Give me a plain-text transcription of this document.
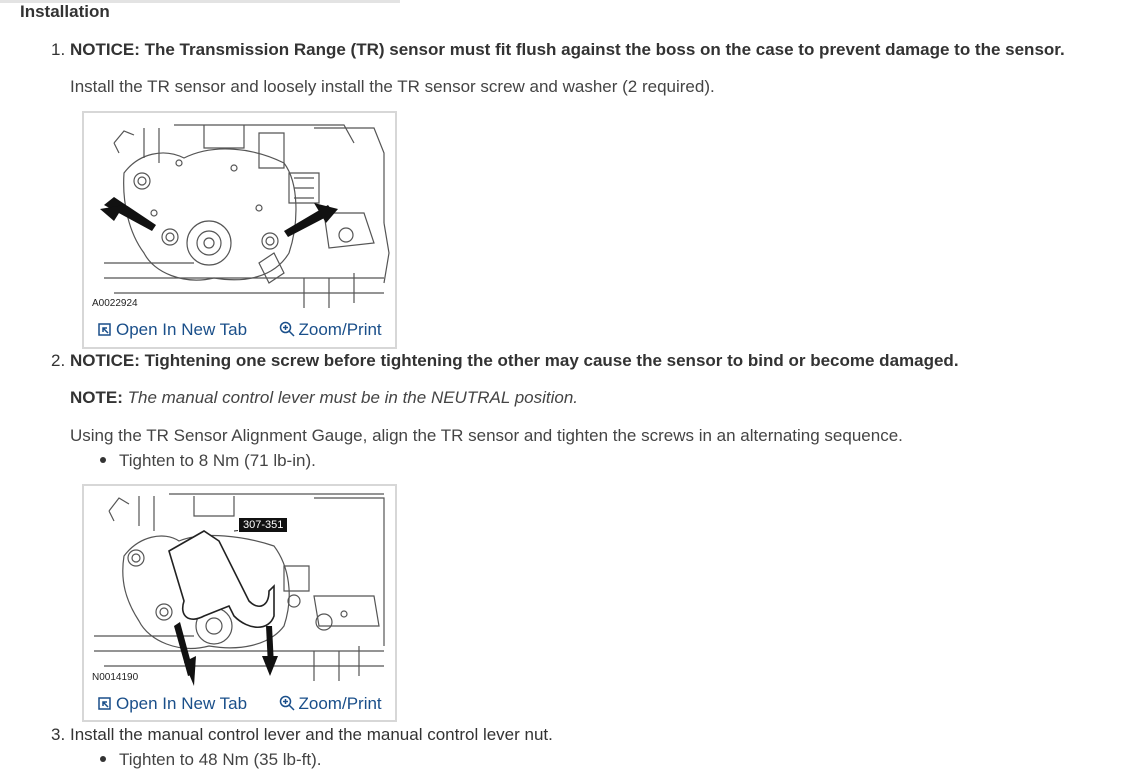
Installation
1. NOTICE: The Transmission Range (TR) sensor must fit flush against the boss on the case to prevent damage to the sensor.
Install the TR sensor and loosely install the TR sensor screw and washer (2 required).
A0022924
Open In New Tab	Zoom/Print
2. NOTICE: Tightening one screw before tightening the other may cause the sensor to bind or become damaged.
NOTE: The manual control lever must be in the NEUTRAL position.
Using the TR Sensor Alignment Gauge, align the TR sensor and tighten the screws in an alternating sequence.
Tighten to 8 Nm (71 lb-in).
307-351
N0014190
Open In New Tab	Zoom/Print
3. Install the manual control lever and the manual control lever nut.
Tighten to 48 Nm (35 lb-ft).
